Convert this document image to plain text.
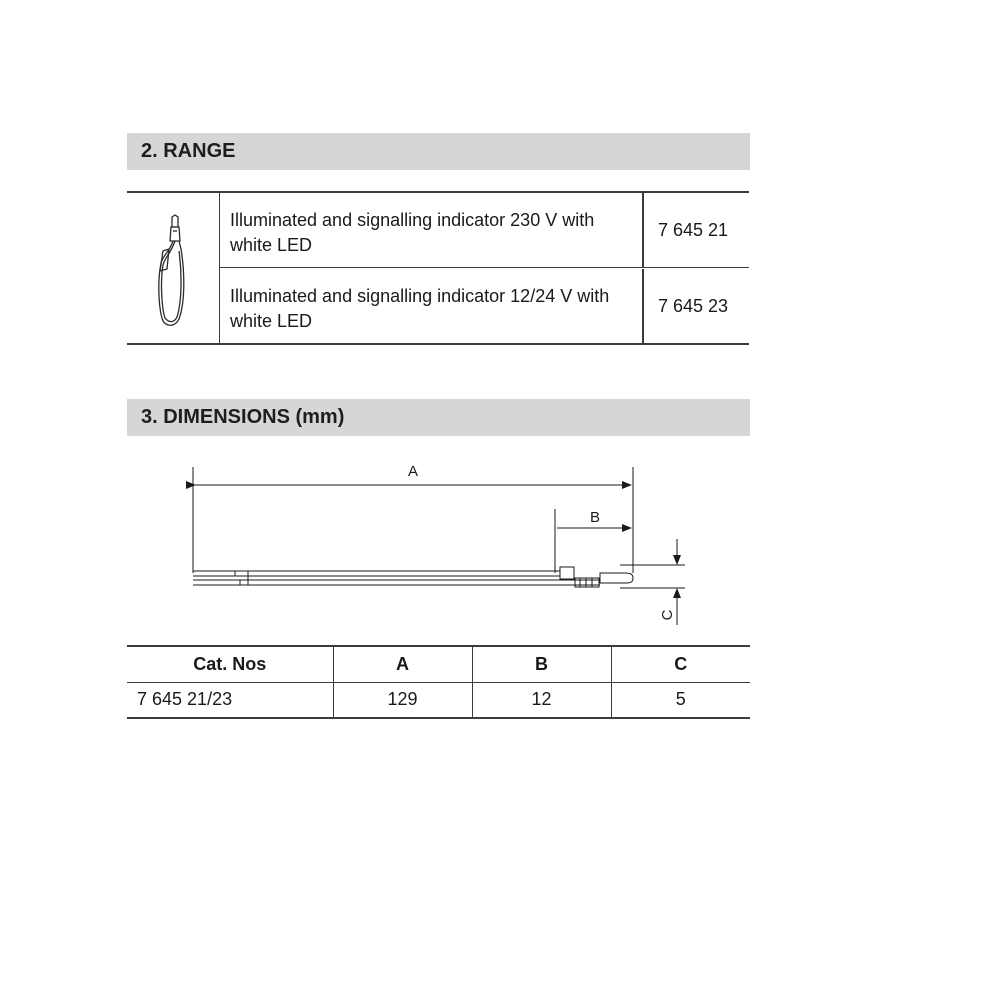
2. RANGE
Illuminated and signalling indicator 230 V with white LED
7 645 21
Illuminated and signalling indicator 12/24 V with white LED
7 645 23
3. DIMENSIONS (mm)
A
B
C
Cat. Nos	A	B	C
7 645 21/23	129	12	5
